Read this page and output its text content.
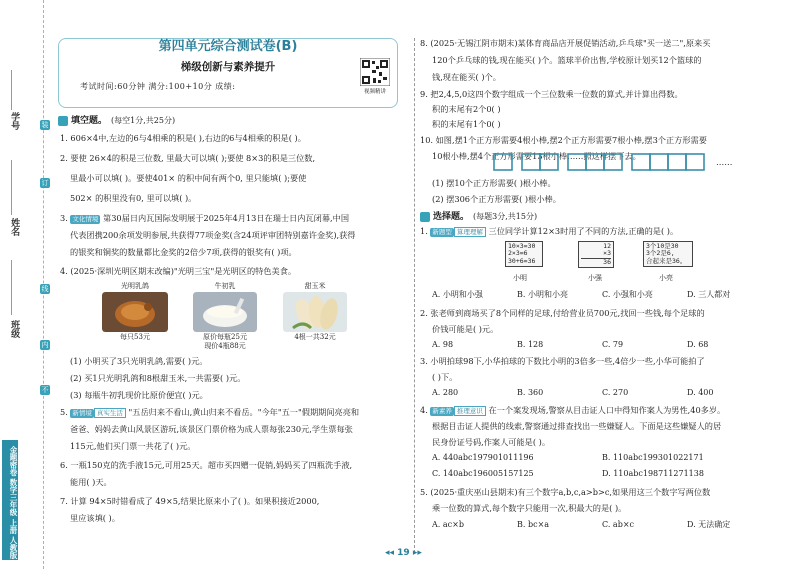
学号
姓名
班级
装
订
线
内
不
金题密卷 数学三年级 上册 人教版
第四单元综合测试卷(B)
梯级创新与素养提升
考试时间:60分钟 满分:100+10分 成绩:
视频精讲
填空题。 (每空1分,共25分)
1. 606×4中,左边的6与4相乘的积是( ),右边的6与4相乘的积是( )。
2. 要使 26×4的积是三位数, 里最大可以填( );要使 8×3的积是三位数,
里最小可以填( )。要使401× 的积中间有两个0, 里只能填( );要使
502× 的积里没有0, 里可以填( )。
3. 文化情境 第30届日内瓦国际发明展于2025年4月13日在瑞士日内瓦闭幕,中国
代表团携200余项发明参展,共获得77项金奖(含24项评审团特别嘉许金奖),获得
的银奖和铜奖的数量都比金奖的2倍少7项,获得的银奖有( )项。
4. (2025·深圳光明区期末改编)"光明三宝"是光明区的特色美食。
光明乳鸽
每只53元
牛初乳
原价每瓶25元
现价4瓶88元
甜玉米
4根一共32元
(1) 小明买了3只光明乳鸽,需要( )元。
(2) 买1只光明乳鸽和8根甜玉米,一共需要( )元。
(3) 每瓶牛初乳现价比原价便宜( )元。
5. 新情境 真实生活 "五岳归来不看山,黄山归来不看岳。"今年"五一"假期期间亮亮和
爸爸、妈妈去黄山风景区游玩,该景区门票价格为成人票每张230元,学生票每张
115元,他们买门票一共花了( )元。
6. 一瓶150克的洗手液15元,可用25天。超市买四赠一促销,妈妈买了四瓶洗手液,
能用( )天。
7. 计算 94×5时错看成了 49×5,结果比原来小了( )。如果积接近2000,
里应该填( )。
8. (2025·无锡江阴市期末)某体育商品店开展促销活动,乒乓球"买一送二",原来买
120个乒乓球的钱,现在能买( )个。篮球半价出售,学校原计划买12个篮球的
钱,现在能买( )个。
9. 把2,4,5,0这四个数字组成一个三位数乘一位数的算式,并计算出得数。
积的末尾有2个0( )
积的末尾有1个0( )
10. 如图,摆1个正方形需要4根小棒,摆2个正方形需要7根小棒,摆3个正方形需要
10根小棒,摆4个正方形需要13根小棒……照这样摆下去。
……
(1) 摆10个正方形需要( )根小棒。
(2) 摆306个正方形需要( )根小棒。
选择题。 (每题3分,共15分)
1. 新题型 算理理解 三位同学计算12×3时用了不同的方法,正确的是( )。
10×3=30
2×3=6
30+6=36
小明
12
×3
36
小强
3个10是30
3个2是6,
合起来是36。
小亮
A. 小明和小强	B. 小明和小亮	C. 小强和小亮	D. 三人都对
2. 张老师到商场买了8个同样的足球,付给营业员700元,找回一些钱,每个足球的
价钱可能是( )元。
A. 98	B. 128	C. 79	D. 68
3. 小明拍球98下,小华拍球的下数比小明的3倍多一些,4倍少一些,小华可能拍了
( )下。
A. 280	B. 360	C. 270	D. 400
4. 新素养 推理意识 在一个案发现场,警察从目击证人口中得知作案人为男性,40多岁。
根据目击证人提供的线索,警察通过排查找出一些嫌疑人。下面是这些嫌疑人的居
民身份证号码,作案人可能是( )。
A. 440abc197901011196	B. 110abc199301022171
C. 140abc196005157125	D. 110abc198711271138
5. (2025·重庆巫山县期末)有三个数字a,b,c,a>b>c,如果用这三个数字写两位数
乘一位数的算式,每个数字只能用一次,积最大的是( )。
A. ac×b	B. bc×a	C. ab×c	D. 无法确定
◂◂ 19 ▸▸
